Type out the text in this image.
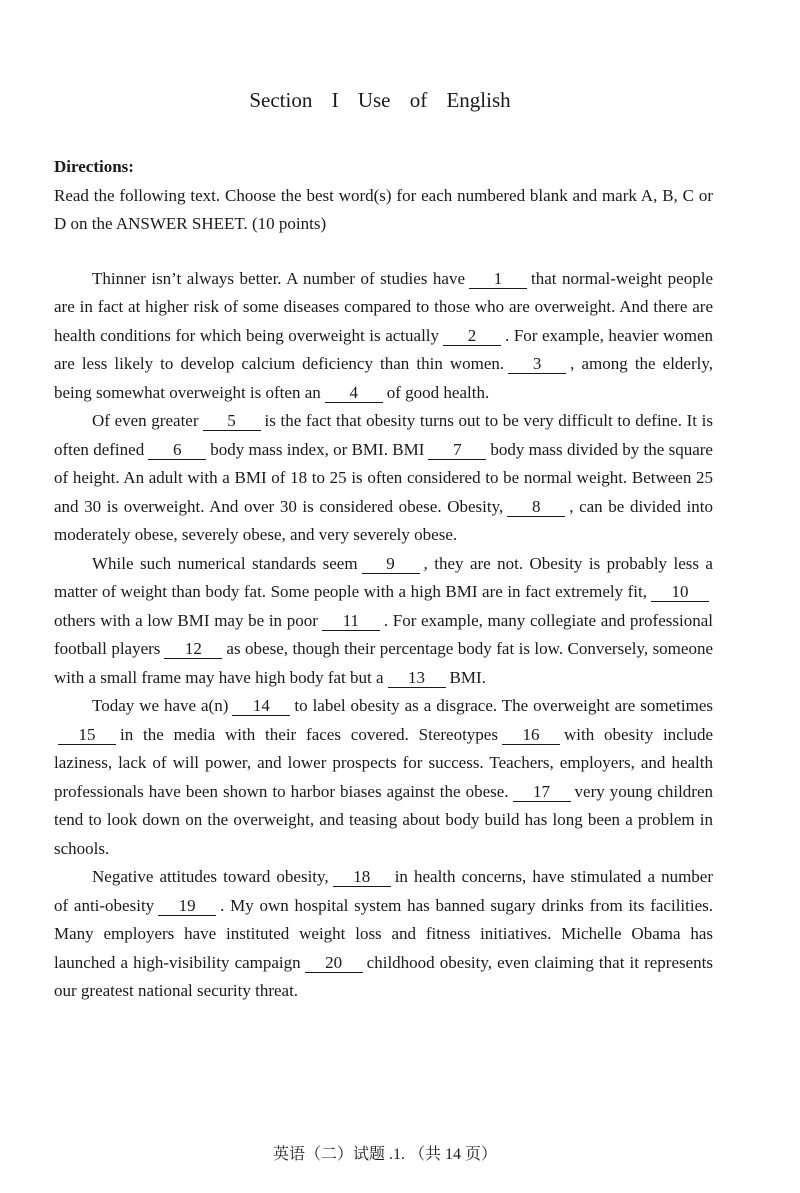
Section I Use of English

Directions:

Read the following text. Choose the best word(s) for each numbered blank and mark A, B, C or D on the ANSWER SHEET. (10 points)

Thinner isn’t always better. A number of studies have 1 that normal-weight people are in fact at higher risk of some diseases compared to those who are overweight. And there are health conditions for which being overweight is actually 2 . For example, heavier women are less likely to develop calcium deficiency than thin women. 3 , among the elderly, being somewhat overweight is often an 4 of good health.

Of even greater 5 is the fact that obesity turns out to be very difficult to define. It is often defined 6 body mass index, or BMI. BMI 7 body mass divided by the square of height. An adult with a BMI of 18 to 25 is often considered to be normal weight. Between 25 and 30 is overweight. And over 30 is considered obese. Obesity, 8 , can be divided into moderately obese, severely obese, and very severely obese.

While such numerical standards seem 9 , they are not. Obesity is probably less a matter of weight than body fat. Some people with a high BMI are in fact extremely fit, 10others with a low BMI may be in poor 11 . For example, many collegiate and professional football players 12 as obese, though their percentage body fat is low. Conversely, someone with a small frame may have high body fat but a 13 BMI.

Today we have a(n) 14 to label obesity as a disgrace. The overweight are sometimes15 in the media with their faces covered. Stereotypes 16 with obesity include laziness, lack of will power, and lower prospects for success. Teachers, employers, and health professionals have been shown to harbor biases against the obese. 17 very young children tend to look down on the overweight, and teasing about body build has long been a problem in schools.

Negative attitudes toward obesity, 18 in health concerns, have stimulated a number of anti-obesity 19 . My own hospital system has banned sugary drinks from its facilities. Many employers have instituted weight loss and fitness initiatives. Michelle Obama has launched a high-visibility campaign 20 childhood obesity, even claiming that it represents our greatest national security threat.

英语（二）试题 .1. （共 14 页）
